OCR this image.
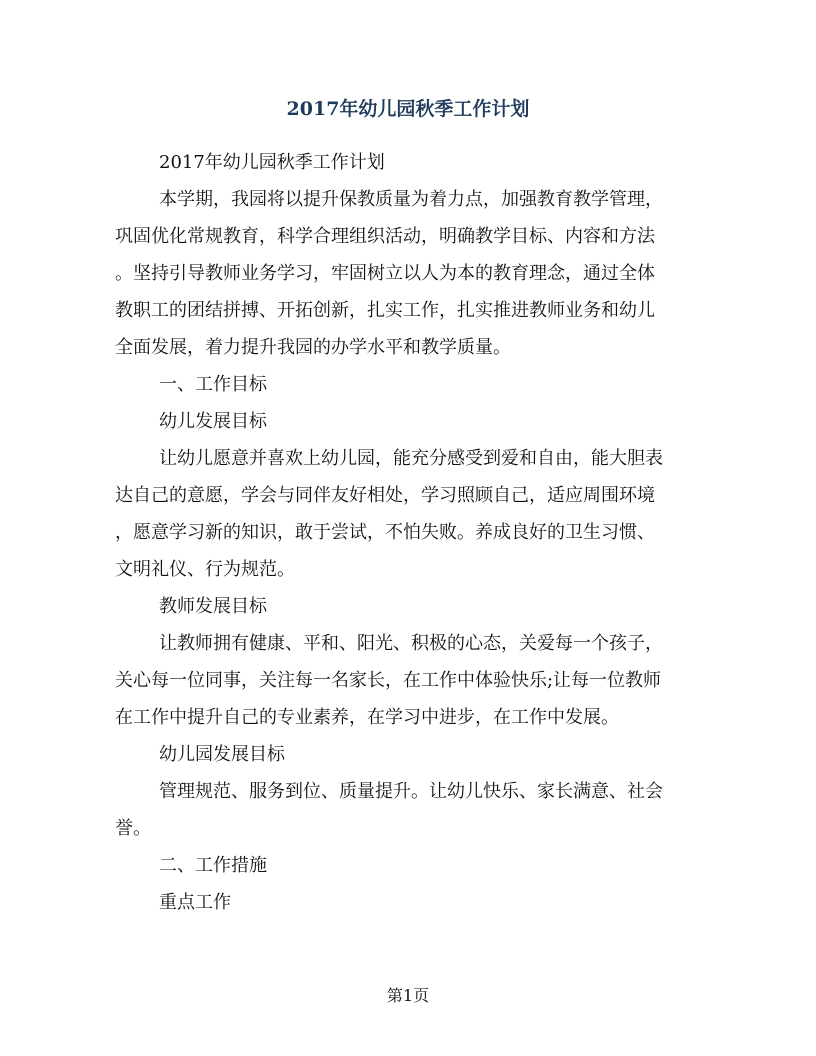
2017年幼儿园秋季工作计划
2017年幼儿园秋季工作计划
本学期，我园将以提升保教质量为着力点，加强教育教学管理，
巩固优化常规教育，科学合理组织活动，明确教学目标、内容和方法
。坚持引导教师业务学习，牢固树立以人为本的教育理念，通过全体
教职工的团结拼搏、开拓创新，扎实工作，扎实推进教师业务和幼儿
全面发展，着力提升我园的办学水平和教学质量。
一、工作目标
幼儿发展目标
让幼儿愿意并喜欢上幼儿园，能充分感受到爱和自由，能大胆表
达自己的意愿，学会与同伴友好相处，学习照顾自己，适应周围环境
，愿意学习新的知识，敢于尝试，不怕失败。养成良好的卫生习惯、
文明礼仪、行为规范。
教师发展目标
让教师拥有健康、平和、阳光、积极的心态，关爱每一个孩子，
关心每一位同事，关注每一名家长，在工作中体验快乐;让每一位教师
在工作中提升自己的专业素养，在学习中进步，在工作中发展。
幼儿园发展目标
管理规范、服务到位、质量提升。让幼儿快乐、家长满意、社会
誉。
二、工作措施
重点工作
第1页
